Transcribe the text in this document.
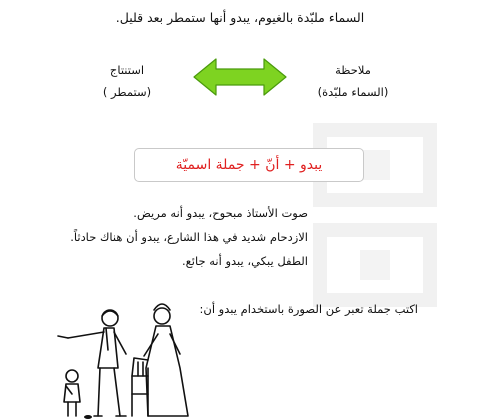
السماء ملبّدة بالغيوم، يبدو أنها ستمطر بعد قليل.
ملاحظة
(السماء ملبّدة)
استنتاج
(ستمطر )
يبدو + أنّ + جملة اسميّة
صوت الأستاذ مبحوح، يبدو أنه مريض.
الازدحام شديد في هذا الشارع، يبدو أن هناك حادثاً.
الطفل يبكي، يبدو أنه جائع.
اكتب جملة تعبر عن الصورة باستخدام يبدو أن:
